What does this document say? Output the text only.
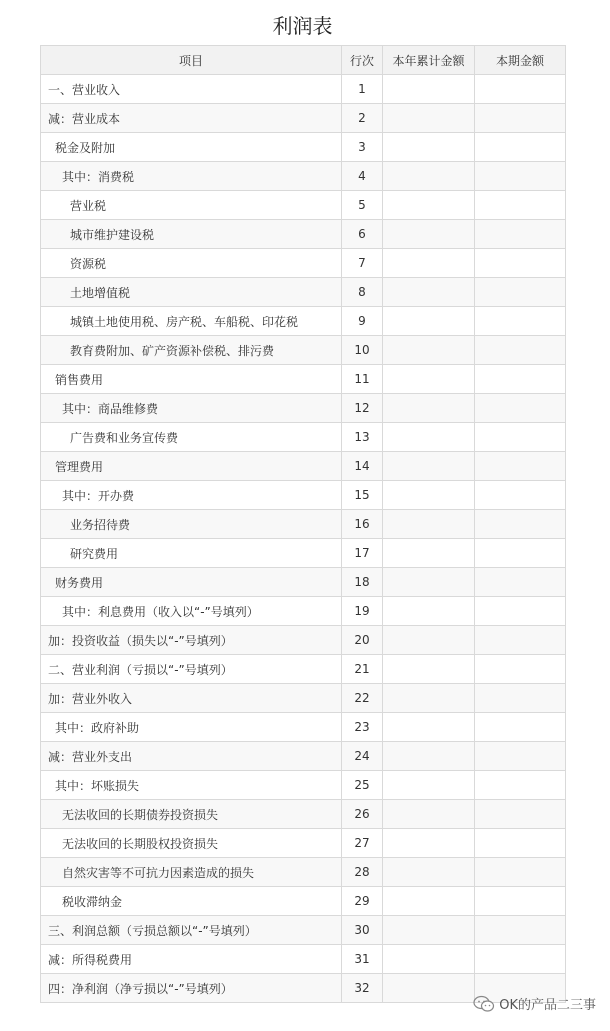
利润表
项目	行次	本年累计金额	本期金额
一、营业收入	1		
减：营业成本	2		
税金及附加	3		
其中：消费税	4		
营业税	5		
城市维护建设税	6		
资源税	7		
土地增值税	8		
城镇土地使用税、房产税、车船税、印花税	9		
教育费附加、矿产资源补偿税、排污费	10		
销售费用	11		
其中：商品维修费	12		
广告费和业务宣传费	13		
管理费用	14		
其中：开办费	15		
业务招待费	16		
研究费用	17		
财务费用	18		
其中：利息费用（收入以“-”号填列）	19		
加：投资收益（损失以“-”号填列）	20		
二、营业利润（亏损以“-”号填列）	21		
加：营业外收入	22		
其中：政府补助	23		
减：营业外支出	24		
其中：坏账损失	25		
无法收回的长期债券投资损失	26		
无法收回的长期股权投资损失	27		
自然灾害等不可抗力因素造成的损失	28		
税收滞纳金	29		
三、利润总额（亏损总额以“-”号填列）	30		
减：所得税费用	31		
四：净利润（净亏损以“-”号填列）	32		
OK的产品二三事
